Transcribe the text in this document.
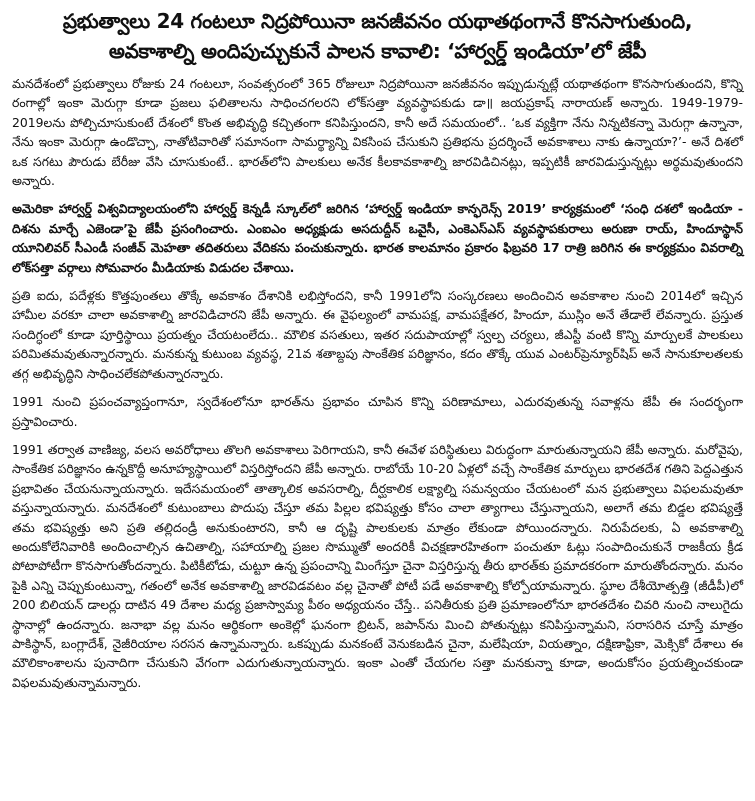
ప్రభుత్వాలు 24 గంటలూ నిద్రపోయినా జనజీవనం యథాతథంగానే కొనసాగుతుంది,
అవకాశాల్ని అందిపుచ్చుకునే పాలన కావాలి: ‘హార్వర్డ్ ఇండియా’లో జేపీ

మనదేశంలో ప్రభుత్వాలు రోజుకు 24 గంటలూ, సంవత్సరంలో 365 రోజులూ నిద్రపోయినా జనజీవనం ఇప్పుడున్నట్లే యథాతథంగా కొనసాగుతుందని, కొన్ని రంగాల్లో ఇంకా మెరుగ్గా కూడా ప్రజలు ఫలితాలను సాధించగలరని లోక్‌సత్తా వ్యవస్థాపకుడు డా॥ జయప్రకాష్ నారాయణ్ అన్నారు. 1949-1979-2019లను పోల్చిచూసుకుంటే దేశంలో కొంత అభివృద్ధి కచ్చితంగా కనిపిస్తుందని, కానీ అదే సమయంలో.. ‘ఒక వ్యక్తిగా నేను నిన్నటికన్నా మెరుగ్గా ఉన్నానా, నేను ఇంకా మెరుగ్గా ఉండొచ్చా, నాతోటివారితో సమానంగా సామర్థ్యాన్ని వికసింప చేసుకుని ప్రతిభను ప్రదర్శించే అవకాశాలు నాకు ఉన్నాయా?’- అనే దిశలో ఒక సగటు పౌరుడు బేరీజు వేసి చూసుకుంటే.. భారత్‌లోని పాలకులు అనేక కీలకావకాశాల్ని జారవిడిచినట్లు, ఇప్పటికీ జారవిడుస్తున్నట్లు అర్థమవుతుందని అన్నారు.

అమెరికా హార్వర్డ్ విశ్వవిద్యాలయంలోని హార్వర్డ్ కెన్నడీ స్కూల్‌లో జరిగిన ‘హార్వర్డ్ ఇండియా కాన్ఫరెన్స్ 2019’ కార్యక్రమంలో ‘సంధి దశలో ఇండియా - దిశను మార్చే ఎజెండా’పై జేపీ ప్రసంగించారు. ఎంఐఎం అధ్యక్షుడు అసదుద్దీన్ ఒవైసీ, ఎంకెఎస్ఎస్ వ్యవస్థాపకురాలు అరుణా రాయ్, హిందూస్థాన్ యూనిలివర్ సీఎండీ సంజీవ్ మెహతా తదితరులు వేదికను పంచుకున్నారు. భారత కాలమానం ప్రకారం ఫిబ్రవరి 17 రాత్రి జరిగిన ఈ కార్యక్రమం వివరాల్ని లోక్‌సత్తా వర్గాలు సోమవారం మీడియాకు విడుదల చేశాయి.

ప్రతి ఐదు, పదేళ్లకు కొత్తపుంతలు తొక్కే అవకాశం దేశానికి లభిస్తోందని, కానీ 1991లోని సంస్కరణలు అందించిన అవకాశాల నుంచి 2014లో ఇచ్చిన హామీల వరకూ చాలా అవకాశాల్ని జారవిడిచారని జేపీ అన్నారు. ఈ వైఫల్యంలో వామపక్ష, వామపక్షేతర, హిందూ, ముస్లిం అనే తేడాలే లేవన్నారు. ప్రస్తుత సందిగ్ధంలో కూడా పూర్తిస్థాయి ప్రయత్నం చేయటంలేదు.. మౌలిక వసతులు, ఇతర సదుపాయాల్లో స్వల్ప చర్యలు, జీఎస్టీ వంటి కొన్ని మార్పులకే పాలకులు పరిమితమవుతున్నారన్నారు. మనకున్న కుటుంబ వ్యవస్థ, 21వ శతాబ్దపు సాంకేతిక పరిజ్ఞానం, కదం తొక్కే యువ ఎంటర్‌ప్రెన్యూర్‌షిప్ అనే సానుకూలతలకు తగ్గ అభివృద్ధిని సాధించలేకపోతున్నారన్నారు.

1991 నుంచి ప్రపంచవ్యాప్తంగానూ, స్వదేశంలోనూ భారత్‌ను ప్రభావం చూపిన కొన్ని పరిణామాలు, ఎదురవుతున్న సవాళ్లను జేపీ ఈ సందర్భంగా ప్రస్తావించారు.

1991 తర్వాత వాణిజ్య, వలస అవరోధాలు తొలగి అవకాశాలు పెరిగాయని, కానీ ఈవేళ పరిస్థితులు విరుద్ధంగా మారుతున్నాయని జేపీ అన్నారు. మరోవైపు, సాంకేతిక పరిజ్ఞానం ఉన్నకొద్దీ అనూహ్యస్థాయిలో విస్తరిస్తోందని జేపీ అన్నారు. రాబోయే 10-20 ఏళ్లలో వచ్చే సాంకేతిక మార్పులు భారతదేశ గతిని పెద్దఎత్తున ప్రభావితం చేయనున్నాయన్నారు. ఇదేసమయంలో తాత్కాలిక అవసరాల్ని, దీర్ఘకాలిక లక్ష్యాల్ని సమన్వయం చేయటంలో మన ప్రభుత్వాలు విఫలమవుతూ వస్తున్నాయన్నారు. మనదేశంలో కుటుంబాలు పొదుపు చేస్తూ తమ పిల్లల భవిష్యత్తు కోసం చాలా త్యాగాలు చేస్తున్నాయని, అలాగే తమ బిడ్డల భవిష్యత్తే తమ భవిష్యత్తు అని ప్రతి తల్లిదండ్రీ అనుకుంటారని, కానీ ఆ దృష్టి పాలకులకు మాత్రం లేకుండా పోయిందన్నారు. నిరుపేదలకు, ఏ అవకాశాల్ని అందుకోలేనివారికి అందించాల్సిన ఉచితాల్ని, సహాయాల్ని ప్రజల సొమ్ముతో అందరికీ విచక్షణారహితంగా పంచుతూ ఓట్లు సంపాదించుకునే రాజకీయ క్రీడ పోటాపోటీగా కొనసాగుతోందన్నారు. పిటికీటోడు, చుట్టూ ఉన్న ప్రపంచాన్ని మింగేస్తూ చైనా విస్తరిస్తున్న తీరు భారత్‌కు ప్రమాదకరంగా మారుతోందన్నారు. మనం పైకి ఎన్ని చెప్పుకుంటున్నా, గతంలో అనేక అవకాశాల్ని జారవిడవటం వల్ల చైనాతో పోటీ పడే అవకాశాల్ని కోల్పోయామన్నారు. స్థూల దేశీయోత్పత్తి (జీడీపీ)లో 200 బిలియన్ డాలర్లు దాటిన 49 దేశాల మధ్య ప్రజాస్వామ్య పీఠం అధ్యయనం చేస్తే.. పనితీరుకు ప్రతి ప్రమాణంలోనూ భారతదేశం చివరి నుంచి నాలుగైదు స్థానాల్లో ఉందన్నారు. జనాభా వల్ల మనం ఆర్థికంగా అంకెల్లో ఘనంగా బ్రిటన్, జపాన్‌ను మించి పోతున్నట్లు కనిపిస్తున్నామని, సరాసరిన చూస్తే మాత్రం పాకిస్థాన్, బంగ్లాదేశ్, నైజీరియాల సరసన ఉన్నామన్నారు. ఒకప్పుడు మనకంటే వెనుకబడిన చైనా, మలేషియా, వియత్నాం, దక్షిణాఫ్రికా, మెక్సికో దేశాలు ఈ మౌలికాంశాలను పునాదిగా చేసుకుని వేగంగా ఎదుగుతున్నాయన్నారు. ఇంకా ఎంతో చేయగల సత్తా మనకున్నా కూడా, అందుకోసం ప్రయత్నించకుండా విఫలమవుతున్నామన్నారు.
